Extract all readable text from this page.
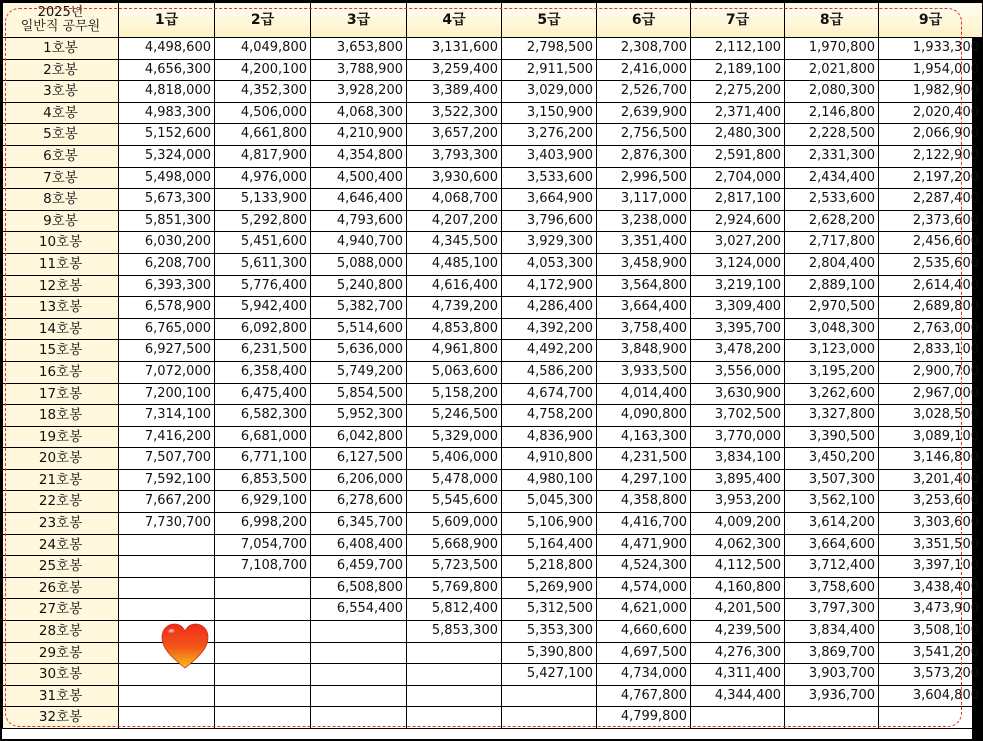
2025년
일반직 공무원	1급	2급	3급	4급	5급	6급	7급	8급	9급
1호봉	4,498,600	4,049,800	3,653,800	3,131,600	2,798,500	2,308,700	2,112,100	1,970,800	1,933,300
2호봉	4,656,300	4,200,100	3,788,900	3,259,400	2,911,500	2,416,000	2,189,100	2,021,800	1,954,000
3호봉	4,818,000	4,352,300	3,928,200	3,389,400	3,029,000	2,526,700	2,275,200	2,080,300	1,982,900
4호봉	4,983,300	4,506,000	4,068,300	3,522,300	3,150,900	2,639,900	2,371,400	2,146,800	2,020,400
5호봉	5,152,600	4,661,800	4,210,900	3,657,200	3,276,200	2,756,500	2,480,300	2,228,500	2,066,900
6호봉	5,324,000	4,817,900	4,354,800	3,793,300	3,403,900	2,876,300	2,591,800	2,331,300	2,122,900
7호봉	5,498,000	4,976,000	4,500,400	3,930,600	3,533,600	2,996,500	2,704,000	2,434,400	2,197,200
8호봉	5,673,300	5,133,900	4,646,400	4,068,700	3,664,900	3,117,000	2,817,100	2,533,600	2,287,400
9호봉	5,851,300	5,292,800	4,793,600	4,207,200	3,796,600	3,238,000	2,924,600	2,628,200	2,373,600
10호봉	6,030,200	5,451,600	4,940,700	4,345,500	3,929,300	3,351,400	3,027,200	2,717,800	2,456,600
11호봉	6,208,700	5,611,300	5,088,000	4,485,100	4,053,300	3,458,900	3,124,000	2,804,400	2,535,600
12호봉	6,393,300	5,776,400	5,240,800	4,616,400	4,172,900	3,564,800	3,219,100	2,889,100	2,614,400
13호봉	6,578,900	5,942,400	5,382,700	4,739,200	4,286,400	3,664,400	3,309,400	2,970,500	2,689,800
14호봉	6,765,000	6,092,800	5,514,600	4,853,800	4,392,200	3,758,400	3,395,700	3,048,300	2,763,000
15호봉	6,927,500	6,231,500	5,636,000	4,961,800	4,492,200	3,848,900	3,478,200	3,123,000	2,833,100
16호봉	7,072,000	6,358,400	5,749,200	5,063,600	4,586,200	3,933,500	3,556,000	3,195,200	2,900,700
17호봉	7,200,100	6,475,400	5,854,500	5,158,200	4,674,700	4,014,400	3,630,900	3,262,600	2,967,000
18호봉	7,314,100	6,582,300	5,952,300	5,246,500	4,758,200	4,090,800	3,702,500	3,327,800	3,028,500
19호봉	7,416,200	6,681,000	6,042,800	5,329,000	4,836,900	4,163,300	3,770,000	3,390,500	3,089,100
20호봉	7,507,700	6,771,100	6,127,500	5,406,000	4,910,800	4,231,500	3,834,100	3,450,200	3,146,800
21호봉	7,592,100	6,853,500	6,206,000	5,478,000	4,980,100	4,297,100	3,895,400	3,507,300	3,201,400
22호봉	7,667,200	6,929,100	6,278,600	5,545,600	5,045,300	4,358,800	3,953,200	3,562,100	3,253,600
23호봉	7,730,700	6,998,200	6,345,700	5,609,000	5,106,900	4,416,700	4,009,200	3,614,200	3,303,600
24호봉		7,054,700	6,408,400	5,668,900	5,164,400	4,471,900	4,062,300	3,664,600	3,351,500
25호봉		7,108,700	6,459,700	5,723,500	5,218,800	4,524,300	4,112,500	3,712,400	3,397,100
26호봉			6,508,800	5,769,800	5,269,900	4,574,000	4,160,800	3,758,600	3,438,400
27호봉			6,554,400	5,812,400	5,312,500	4,621,000	4,201,500	3,797,300	3,473,900
28호봉				5,853,300	5,353,300	4,660,600	4,239,500	3,834,400	3,508,100
29호봉					5,390,800	4,697,500	4,276,300	3,869,700	3,541,200
30호봉					5,427,100	4,734,000	4,311,400	3,903,700	3,573,200
31호봉						4,767,800	4,344,400	3,936,700	3,604,800
32호봉						4,799,800			
